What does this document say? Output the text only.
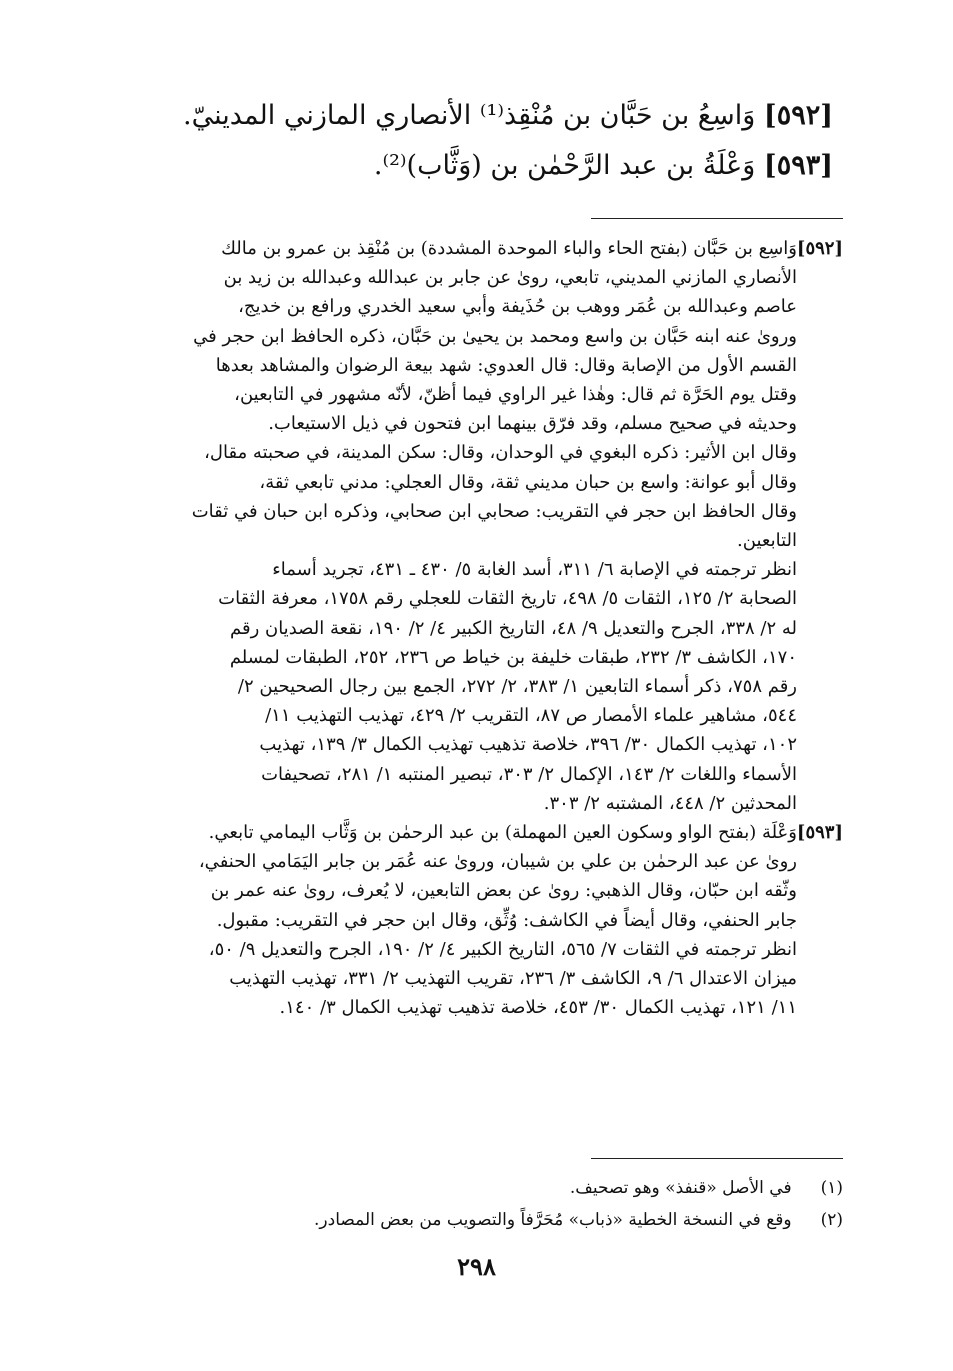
[٥٩٢] وَاسِعُ بن حَبَّان بن مُنْقِذ⁽¹⁾ الأنصاري المازني المدينيّ.
[٥٩٣] وَعْلَةُ بن عبد الرَّحْمٰن بن (وَثَّاب)⁽²⁾.
[٥٩٢]
وَاسِع بن حَبَّان (بفتح الحاء والباء الموحدة المشددة) بن مُنْقِذ بن عمرو بن مالك
الأنصاري المازني المديني، تابعي، روىٰ عن جابر بن عبدالله وعبدالله بن زيد بن
عاصم وعبدالله بن عُمَر ووهب بن حُذَيفة وأبي سعيد الخدري ورافع بن خديج،
وروىٰ عنه ابنه حَبَّان بن واسع ومحمد بن يحيىٰ بن حَبَّان، ذكره الحافظ ابن حجر في
القسم الأول من الإصابة وقال: قال العدوي: شهد بيعة الرضوان والمشاهد بعدها
وقتل يوم الحَرَّة ثم قال: وهٰذا غير الراوي فيما أظنّ، لأنّه مشهور في التابعين،
وحديثه في صحيح مسلم، وقد فرّق بينهما ابن فتحون في ذيل الاستيعاب.
وقال ابن الأثير: ذكره البغوي في الوحدان، وقال: سكن المدينة، في صحبته مقال،
وقال أبو عوانة: واسع بن حبان مديني ثقة، وقال العجلي: مدني تابعي ثقة،
وقال الحافظ ابن حجر في التقريب: صحابي ابن صحابي، وذكره ابن حبان في ثقات
التابعين.
انظر ترجمته في الإصابة ٦/ ٣١١، أسد الغابة ٥/ ٤٣٠ ـ ٤٣١، تجريد أسماء
الصحابة ٢/ ١٢٥، الثقات ٥/ ٤٩٨، تاريخ الثقات للعجلي رقم ١٧٥٨، معرفة الثقات
له ٢/ ٣٣٨، الجرح والتعديل ٩/ ٤٨، التاريخ الكبير ٤/ ٢/ ١٩٠، نقعة الصديان رقم
١٧٠، الكاشف ٣/ ٢٣٢، طبقات خليفة بن خياط ص ٢٣٦، ٢٥٢، الطبقات لمسلم
رقم ٧٥٨، ذكر أسماء التابعين ١/ ٣٨٣، ٢/ ٢٧٢، الجمع بين رجال الصحيحين ٢/
٥٤٤، مشاهير علماء الأمصار ص ٨٧، التقريب ٢/ ٤٢٩، تهذيب التهذيب ١١/
١٠٢، تهذيب الكمال ٣٠/ ٣٩٦، خلاصة تذهيب تهذيب الكمال ٣/ ١٣٩، تهذيب
الأسماء واللغات ٢/ ١٤٣، الإكمال ٢/ ٣٠٣، تبصير المنتبه ١/ ٢٨١، تصحيفات
المحدثين ٢/ ٤٤٨، المشتبه ٢/ ٣٠٣.
[٥٩٣]
وَعْلَة (بفتح الواو وسكون العين المهملة) بن عبد الرحمٰن بن وَثَّاب اليمامي تابعي.
روىٰ عن عبد الرحمٰن بن علي بن شيبان، وروىٰ عنه عُمَر بن جابر اليَمَامي الحنفي،
وثّقه ابن حبّان، وقال الذهبي: روىٰ عن بعض التابعين، لا يُعرف، روىٰ عنه عمر بن
جابر الحنفي، وقال أيضاً في الكاشف: وُثِّق، وقال ابن حجر في التقريب: مقبول.
انظر ترجمته في الثقات ٧/ ٥٦٥، التاريخ الكبير ٤/ ٢/ ١٩٠، الجرح والتعديل ٩/ ٥٠،
ميزان الاعتدال ٦/ ٩، الكاشف ٣/ ٢٣٦، تقريب التهذيب ٢/ ٣٣١، تهذيب التهذيب
١١/ ١٢١، تهذيب الكمال ٣٠/ ٤٥٣، خلاصة تذهيب تهذيب الكمال ٣/ ١٤٠.
(١) في الأصل «قنفذ» وهو تصحيف.
(٢) وقع في النسخة الخطية «ذباب» مُحَرَّفاً والتصويب من بعض المصادر.
٢٩٨
